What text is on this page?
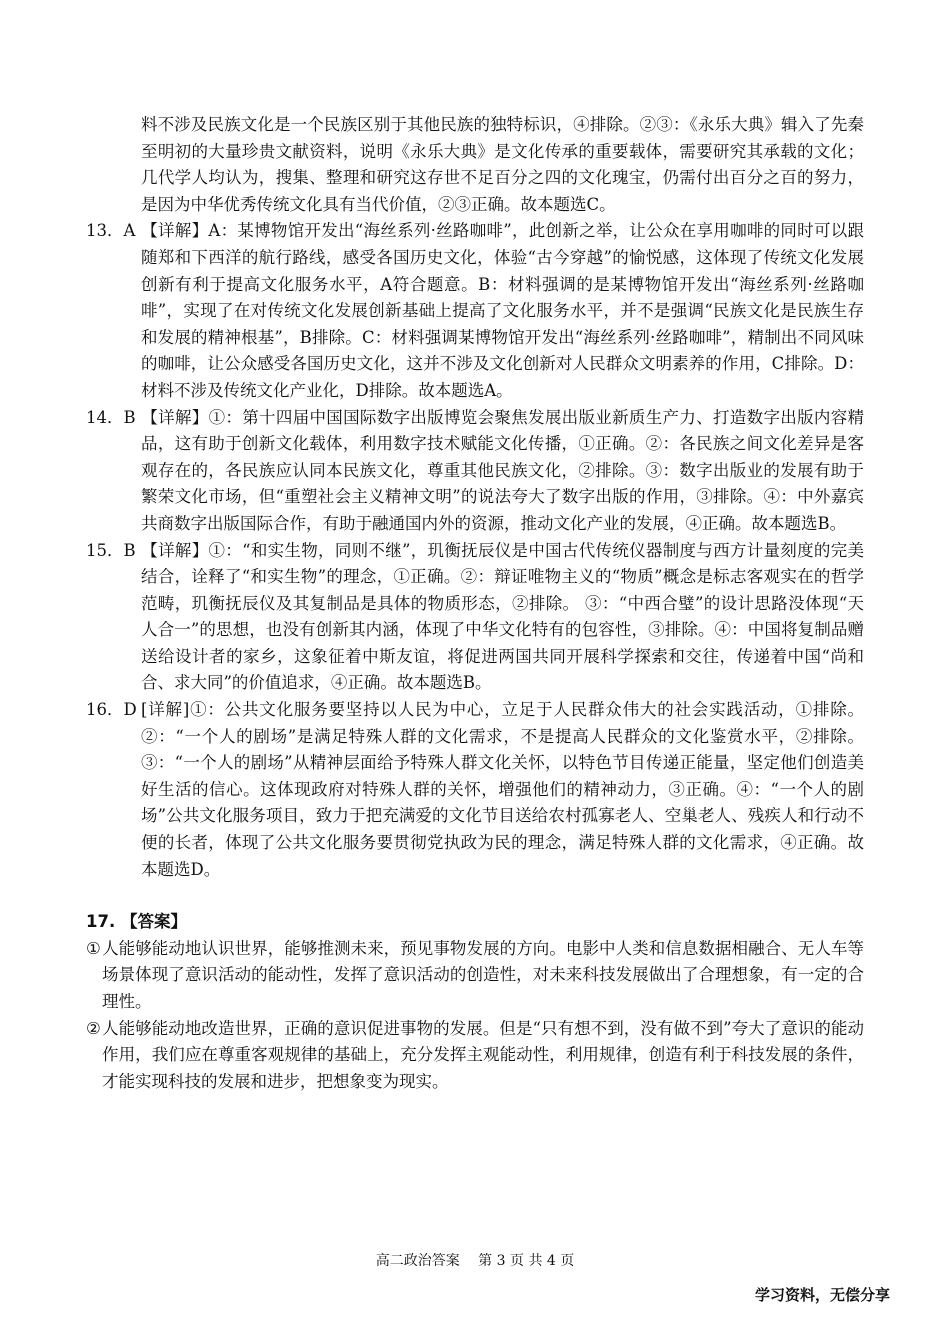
料不涉及民族文化是一个民族区别于其他民族的独特标识，④排除。②③：《永乐大典》辑入了先秦至明初的大量珍贵文献资料，说明《永乐大典》是文化传承的重要载体，需要研究其承载的文化；几代学人均认为，搜集、整理和研究这存世不足百分之四的文化瑰宝，仍需付出百分之百的努力，是因为中华优秀传统文化具有当代价值，②③正确。故本题选C。
13．A 【详解】A：某博物馆开发出“海丝系列·丝路咖啡”，此创新之举，让公众在享用咖啡的同时可以跟随郑和下西洋的航行路线，感受各国历史文化，体验“古今穿越”的愉悦感，这体现了传统文化发展创新有利于提高文化服务水平，A符合题意。B：材料强调的是某博物馆开发出“海丝系列·丝路咖啡”，实现了在对传统文化发展创新基础上提高了文化服务水平，并不是强调“民族文化是民族生存和发展的精神根基”，B排除。C：材料强调某博物馆开发出“海丝系列·丝路咖啡”，精制出不同风味的咖啡，让公众感受各国历史文化，这并不涉及文化创新对人民群众文明素养的作用，C排除。D：材料不涉及传统文化产业化，D排除。故本题选A。
14．B 【详解】①：第十四届中国国际数字出版博览会聚焦发展出版业新质生产力、打造数字出版内容精品，这有助于创新文化载体，利用数字技术赋能文化传播，①正确。②：各民族之间文化差异是客观存在的，各民族应认同本民族文化，尊重其他民族文化，②排除。③：数字出版业的发展有助于繁荣文化市场，但“重塑社会主义精神文明”的说法夸大了数字出版的作用，③排除。④：中外嘉宾共商数字出版国际合作，有助于融通国内外的资源，推动文化产业的发展，④正确。故本题选B。
15．B 【详解】①：“和实生物，同则不继”，玑衡抚辰仪是中国古代传统仪器制度与西方计量刻度的完美结合，诠释了“和实生物”的理念，①正确。②：辩证唯物主义的“物质”概念是标志客观实在的哲学范畴，玑衡抚辰仪及其复制品是具体的物质形态，②排除。 ③：“中西合璧”的设计思路没体现“天人合一”的思想，也没有创新其内涵，体现了中华文化特有的包容性，③排除。④：中国将复制品赠送给设计者的家乡，这象征着中斯友谊，将促进两国共同开展科学探索和交往，传递着中国“尚和合、求大同”的价值追求，④正确。故本题选B。
16．D [详解]①：公共文化服务要坚持以人民为中心，立足于人民群众伟大的社会实践活动，①排除。②：“一个人的剧场”是满足特殊人群的文化需求，不是提高人民群众的文化鉴赏水平，②排除。③：“一个人的剧场”从精神层面给予特殊人群文化关怀，以特色节目传递正能量，坚定他们创造美好生活的信心。这体现政府对特殊人群的关怀，增强他们的精神动力，③正确。④：“一个人的剧场”公共文化服务项目，致力于把充满爱的文化节目送给农村孤寡老人、空巢老人、残疾人和行动不便的长者，体现了公共文化服务要贯彻党执政为民的理念，满足特殊人群的文化需求，④正确。故本题选D。
17. 【答案】
①人能够能动地认识世界，能够推测未来，预见事物发展的方向。电影中人类和信息数据相融合、无人车等场景体现了意识活动的能动性，发挥了意识活动的创造性，对未来科技发展做出了合理想象，有一定的合理性。
②人能够能动地改造世界，正确的意识促进事物的发展。但是“只有想不到，没有做不到”夸大了意识的能动作用，我们应在尊重客观规律的基础上，充分发挥主观能动性，利用规律，创造有利于科技发展的条件，才能实现科技的发展和进步，把想象变为现实。
高二政治答案　 第 3 页 共 4 页
学习资料，无偿分享
